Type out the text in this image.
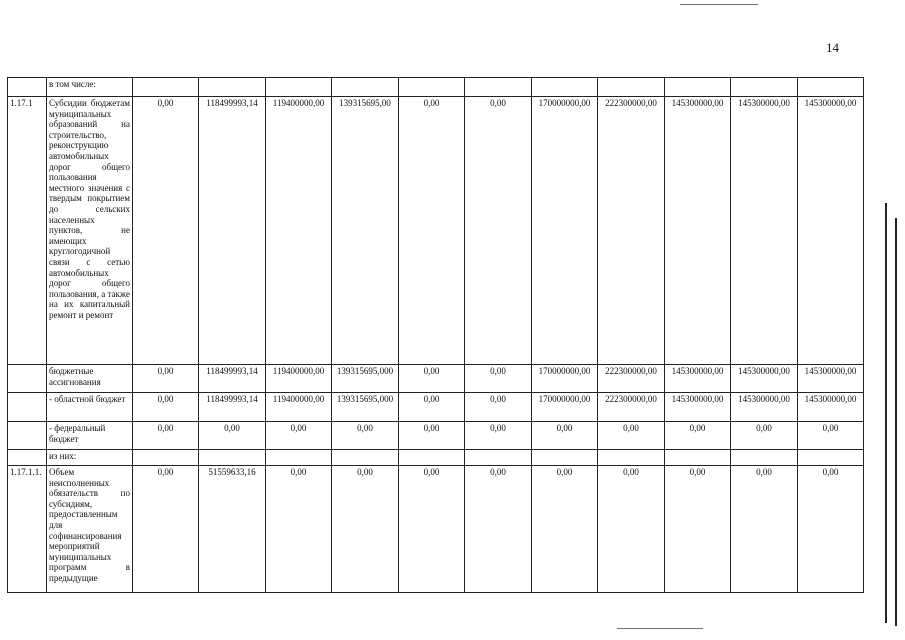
14
	в том числе:											
1.17.1	Субсидии бюджетам муниципальных образований на строительство, реконструкцию автомобильных дорог общего пользования местного значения с твердым покрытием до сельских населенных пунктов, не имеющих круглогодичной связи с сетью автомобильных дорог общего пользования, а также на их капитальный ремонт и ремонт	0,00	118499993,14	119400000,00	139315695,00	0,00	0,00	170000000,00	222300000,00	145300000,00	145300000,00	145300000,00
	бюджетные ассигнования	0,00	118499993,14	119400000,00	139315695,000	0,00	0,00	170000000,00	222300000,00	145300000,00	145300000,00	145300000,00
	- областной бюджет	0,00	118499993,14	119400000,00	139315695,000	0,00	0,00	170000000,00	222300000,00	145300000,00	145300000,00	145300000,00
	- федеральный бюджет	0,00	0,00	0,00	0,00	0,00	0,00	0,00	0,00	0,00	0,00	0,00
	из них:											
1.17.1.1.	Объем неисполненных обязательств по субсидиям, предоставленным для софинансирования мероприятий муниципальных программ в предыдущие	0,00	51559633,16	0,00	0,00	0,00	0,00	0,00	0,00	0,00	0,00	0,00
